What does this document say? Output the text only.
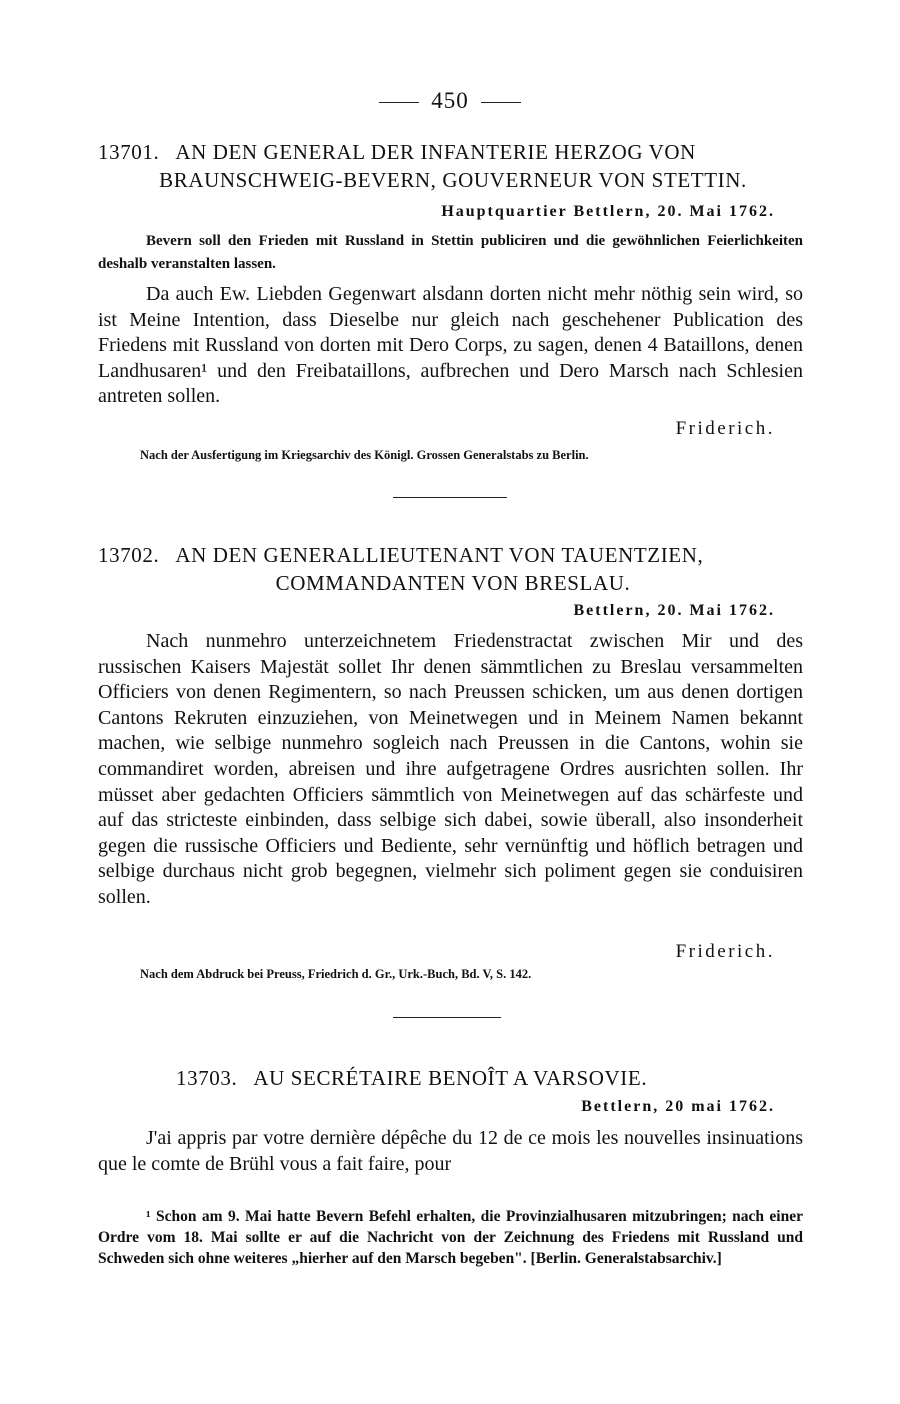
450
13701. AN DEN GENERAL DER INFANTERIE HERZOG VON
BRAUNSCHWEIG-BEVERN, GOUVERNEUR VON STETTIN.
Hauptquartier Bettlern, 20. Mai 1762.

Bevern soll den Frieden mit Russland in Stettin publiciren und die gewöhnlichen Feierlichkeiten deshalb veranstalten lassen.

Da auch Ew. Liebden Gegenwart alsdann dorten nicht mehr nöthig sein wird, so ist Meine Intention, dass Dieselbe nur gleich nach geschehener Publication des Friedens mit Russland von dorten mit Dero Corps, zu sagen, denen 4 Bataillons, denen Landhusaren¹ und den Freibataillons, aufbrechen und Dero Marsch nach Schlesien antreten sollen.

Friderich.
Nach der Ausfertigung im Kriegsarchiv des Königl. Grossen Generalstabs zu Berlin.
13702. AN DEN GENERALLIEUTENANT VON TAUENTZIEN,
COMMANDANTEN VON BRESLAU.
Bettlern, 20. Mai 1762.

Nach nunmehro unterzeichnetem Friedenstractat zwischen Mir und des russischen Kaisers Majestät sollet Ihr denen sämmtlichen zu Breslau versammelten Officiers von denen Regimentern, so nach Preussen schicken, um aus denen dortigen Cantons Rekruten einzuziehen, von Meinetwegen und in Meinem Namen bekannt machen, wie selbige nunmehro sogleich nach Preussen in die Cantons, wohin sie commandiret worden, abreisen und ihre aufgetragene Ordres ausrichten sollen. Ihr müsset aber gedachten Officiers sämmtlich von Meinetwegen auf das schärfeste und auf das stricteste einbinden, dass selbige sich dabei, sowie überall, also insonderheit gegen die russische Officiers und Bediente, sehr vernünftig und höflich betragen und selbige durchaus nicht grob begegnen, vielmehr sich poliment gegen sie conduisiren sollen.

Friderich.
Nach dem Abdruck bei Preuss, Friedrich d. Gr., Urk.-Buch, Bd. V, S. 142.
13703. AU SECRÉTAIRE BENOÎT A VARSOVIE.
Bettlern, 20 mai 1762.

J'ai appris par votre dernière dépêche du 12 de ce mois les nouvelles insinuations que le comte de Brühl vous a fait faire, pour

¹ Schon am 9. Mai hatte Bevern Befehl erhalten, die Provinzialhusaren mitzubringen; nach einer Ordre vom 18. Mai sollte er auf die Nachricht von der Zeichnung des Friedens mit Russland und Schweden sich ohne weiteres „hierher auf den Marsch begeben". [Berlin. Generalstabsarchiv.]
